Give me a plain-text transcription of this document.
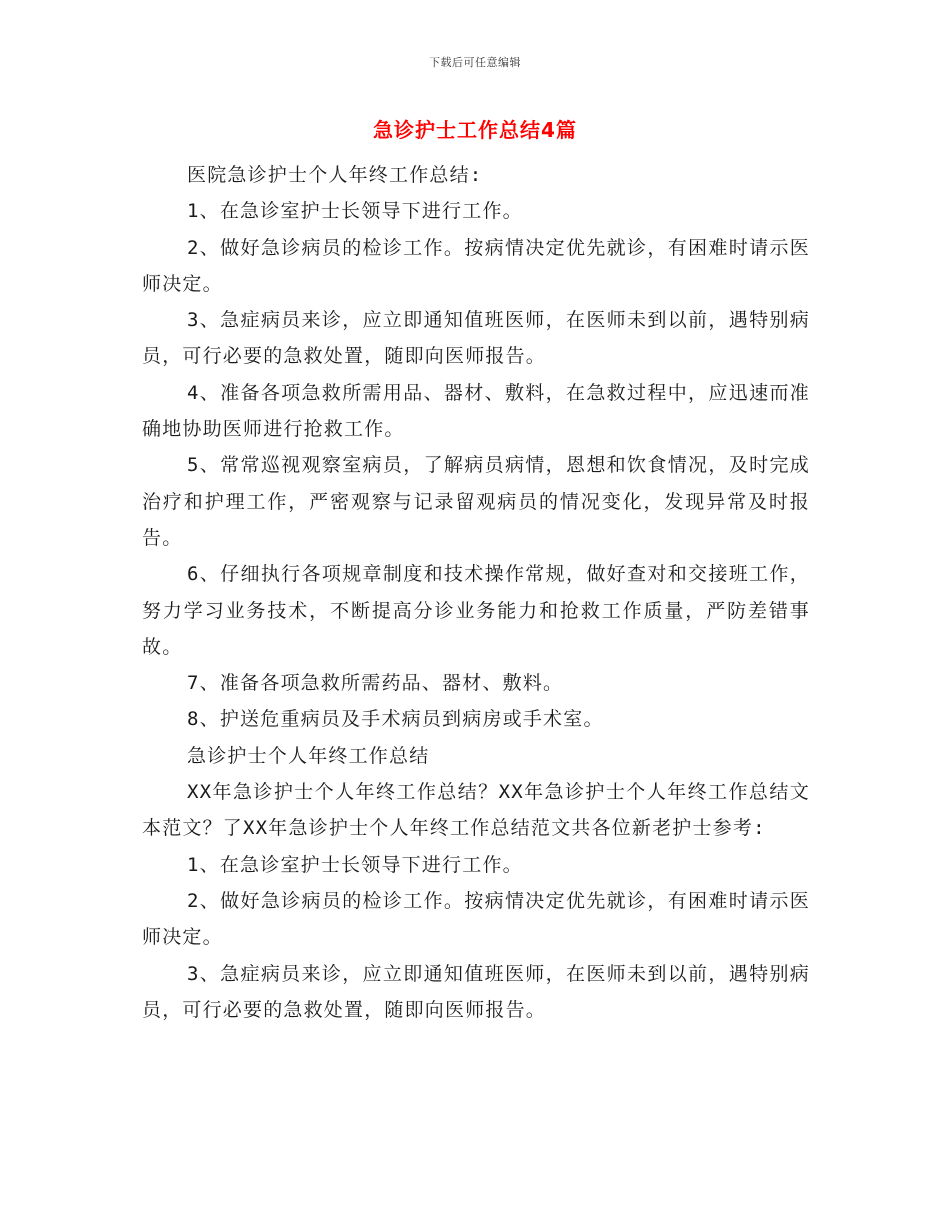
下载后可任意编辑
急诊护士工作总结4篇

医院急诊护士个人年终工作总结:

1、在急诊室护士长领导下进行工作。

2、做好急诊病员的检诊工作。按病情决定优先就诊，有困难时请示医师决定。

3、急症病员来诊，应立即通知值班医师，在医师未到以前，遇特别病员，可行必要的急救处置，随即向医师报告。

4、准备各项急救所需用品、器材、敷料，在急救过程中，应迅速而准确地协助医师进行抢救工作。

5、常常巡视观察室病员，了解病员病情，恩想和饮食情况，及时完成治疗和护理工作，严密观察与记录留观病员的情况变化，发现异常及时报告。

6、仔细执行各项规章制度和技术操作常规，做好查对和交接班工作，努力学习业务技术，不断提高分诊业务能力和抢救工作质量，严防差错事故。

7、准备各项急救所需药品、器材、敷料。

8、护送危重病员及手术病员到病房或手术室。

急诊护士个人年终工作总结

XX年急诊护士个人年终工作总结？XX年急诊护士个人年终工作总结文本范文？了XX年急诊护士个人年终工作总结范文共各位新老护士参考:

1、在急诊室护士长领导下进行工作。

2、做好急诊病员的检诊工作。按病情决定优先就诊，有困难时请示医师决定。

3、急症病员来诊，应立即通知值班医师，在医师未到以前，遇特别病员，可行必要的急救处置，随即向医师报告。
